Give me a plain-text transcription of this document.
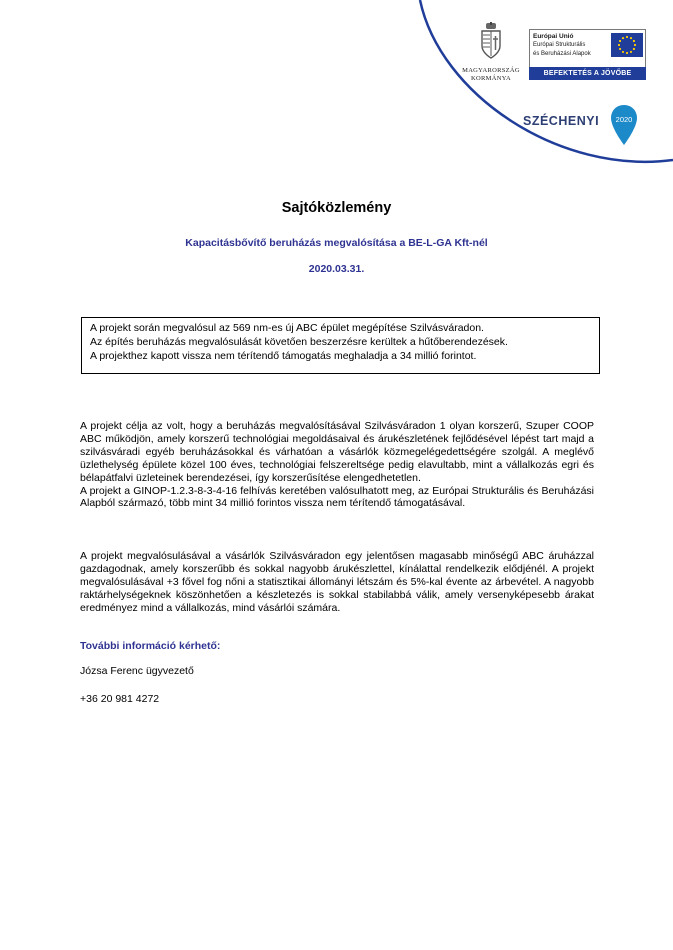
MAGYARORSZÁG
KORMÁNYA
Európai Unió
Európai Strukturális
és Beruházási Alapok
BEFEKTETÉS A JÖVŐBE
SZÉCHENYI 2020
Sajtóközlemény
Kapacitásbővítő beruházás megvalósítása a BE-L-GA Kft-nél
2020.03.31.
A projekt során megvalósul az 569 nm-es új ABC épület megépítése Szilvásváradon.
Az építés beruházás megvalósulását követően beszerzésre kerültek a hűtőberendezések.
A projekthez kapott vissza nem térítendő támogatás meghaladja a 34 millió forintot.
A projekt célja az volt, hogy a beruházás megvalósításával Szilvásváradon 1 olyan korszerű, Szuper COOP ABC működjön, amely korszerű technológiai megoldásaival és árukészletének fejlődésével lépést tart majd a szilvásváradi egyéb beruházásokkal és várhatóan a vásárlók közmegelégedettségére szolgál. A meglévő üzlethelység épülete közel 100 éves, technológiai felszereltsége pedig elavultabb, mint a vállalkozás egri és bélapátfalvi üzleteinek berendezései, így korszerűsítése elengedhetetlen.
A projekt a GINOP-1.2.3-8-3-4-16 felhívás keretében valósulhatott meg, az Európai Strukturális és Beruházási Alapból származó, több mint 34 millió forintos vissza nem térítendő támogatásával.
A projekt megvalósulásával a vásárlók Szilvásváradon egy jelentősen magasabb minőségű ABC áruházzal gazdagodnak, amely korszerűbb és sokkal nagyobb árukészlettel, kínálattal rendelkezik elődjénél. A projekt megvalósulásával +3 fővel fog nőni a statisztikai állományi létszám és 5%-kal évente az árbevétel. A nagyobb raktárhelységeknek köszönhetően a készletezés is sokkal stabilabbá válik, amely versenyképesebb árakat eredményez mind a vállalkozás, mind vásárlói számára.
További információ kérhető:
Józsa Ferenc ügyvezető
+36 20 981 4272
